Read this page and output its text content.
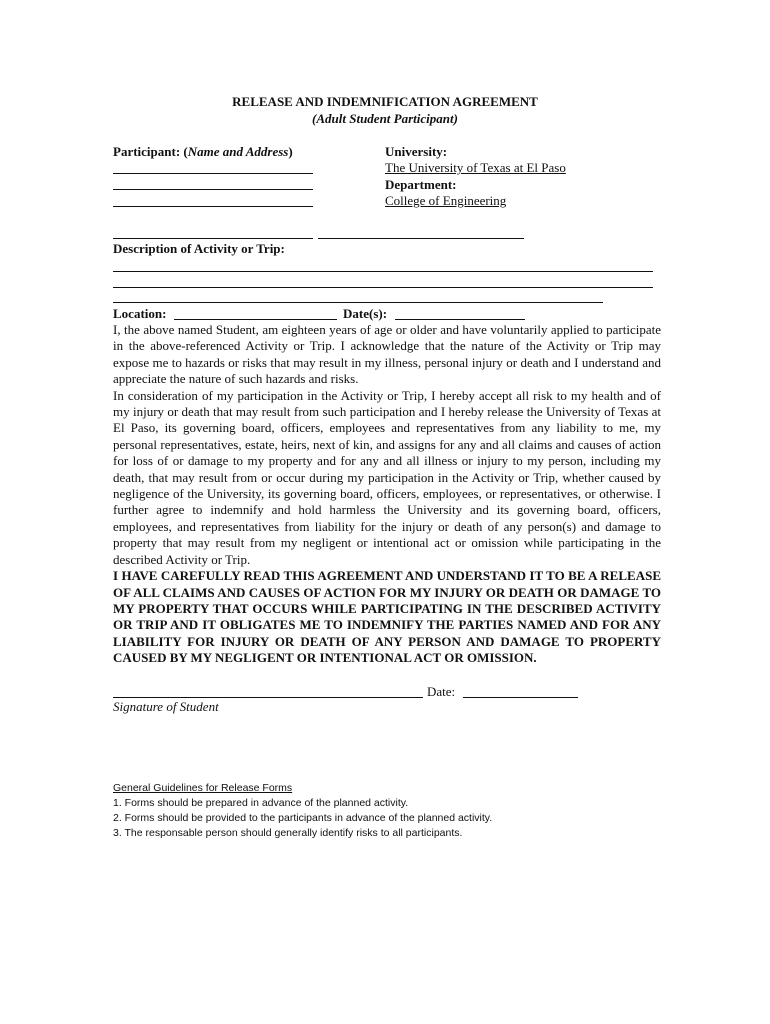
RELEASE AND INDEMNIFICATION AGREEMENT
(Adult Student Participant)
Participant: (Name and Address)	University:
The University of Texas at El Paso
Department:
College of Engineering
Description of Activity or Trip:
Location:	Date(s):

I, the above named Student, am eighteen years of age or older and have voluntarily applied to participate in the above-referenced Activity or Trip. I acknowledge that the nature of the Activity or Trip may expose me to hazards or risks that may result in my illness, personal injury or death and I understand and appreciate the nature of such hazards and risks.

In consideration of my participation in the Activity or Trip, I hereby accept all risk to my health and of my injury or death that may result from such participation and I hereby release the University of Texas at El Paso, its governing board, officers, employees and representatives from any liability to me, my personal representatives, estate, heirs, next of kin, and assigns for any and all claims and causes of action for loss of or damage to my property and for any and all illness or injury to my person, including my death, that may result from or occur during my participation in the Activity or Trip, whether caused by negligence of the University, its governing board, officers, employees, or representatives, or otherwise. I further agree to indemnify and hold harmless the University and its governing board, officers, employees, and representatives from liability for the injury or death of any person(s) and damage to property that may result from my negligent or intentional act or omission while participating in the described Activity or Trip.

I HAVE CAREFULLY READ THIS AGREEMENT AND UNDERSTAND IT TO BE A RELEASE OF ALL CLAIMS AND CAUSES OF ACTION FOR MY INJURY OR DEATH OR DAMAGE TO MY PROPERTY THAT OCCURS WHILE PARTICIPATING IN THE DESCRIBED ACTIVITY OR TRIP AND IT OBLIGATES ME TO INDEMNIFY THE PARTIES NAMED AND FOR ANY LIABILITY FOR INJURY OR DEATH OF ANY PERSON AND DAMAGE TO PROPERTY CAUSED BY MY NEGLIGENT OR INTENTIONAL ACT OR OMISSION.

Date:
Signature of Student
General Guidelines for Release Forms
1. Forms should be prepared in advance of the planned activity.
2. Forms should be provided to the participants in advance of the planned activity.
3. The responsable person should generally identify risks to all participants.
